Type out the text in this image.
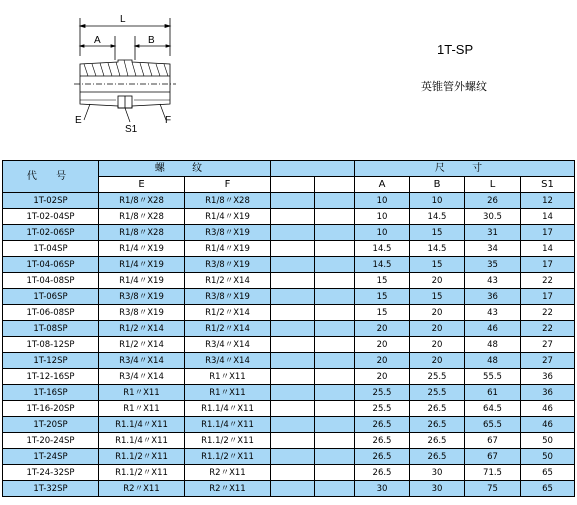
L
A	B
E
S1
F
1T-SP
英锥管外螺纹
代 号	螺 纹				尺 寸			
	E	F			A	B	L	S1
1T-02SP	R1/8〃X28	R1/8〃X28			10	10	26	12
1T-02-04SP	R1/8〃X28	R1/4〃X19			10	14.5	30.5	14
1T-02-06SP	R1/8〃X28	R3/8〃X19			10	15	31	17
1T-04SP	R1/4〃X19	R1/4〃X19			14.5	14.5	34	14
1T-04-06SP	R1/4〃X19	R3/8〃X19			14.5	15	35	17
1T-04-08SP	R1/4〃X19	R1/2〃X14			15	20	43	22
1T-06SP	R3/8〃X19	R3/8〃X19			15	15	36	17
1T-06-08SP	R3/8〃X19	R1/2〃X14			15	20	43	22
1T-08SP	R1/2〃X14	R1/2〃X14			20	20	46	22
1T-08-12SP	R1/2〃X14	R3/4〃X14			20	20	48	27
1T-12SP	R3/4〃X14	R3/4〃X14			20	20	48	27
1T-12-16SP	R3/4〃X14	R1〃X11			20	25.5	55.5	36
1T-16SP	R1〃X11	R1〃X11			25.5	25.5	61	36
1T-16-20SP	R1〃X11	R1.1/4〃X11			25.5	26.5	64.5	46
1T-20SP	R1.1/4〃X11	R1.1/4〃X11			26.5	26.5	65.5	46
1T-20-24SP	R1.1/4〃X11	R1.1/2〃X11			26.5	26.5	67	50
1T-24SP	R1.1/2〃X11	R1.1/2〃X11			26.5	26.5	67	50
1T-24-32SP	R1.1/2〃X11	R2〃X11			26.5	30	71.5	65
1T-32SP	R2〃X11	R2〃X11			30	30	75	65
